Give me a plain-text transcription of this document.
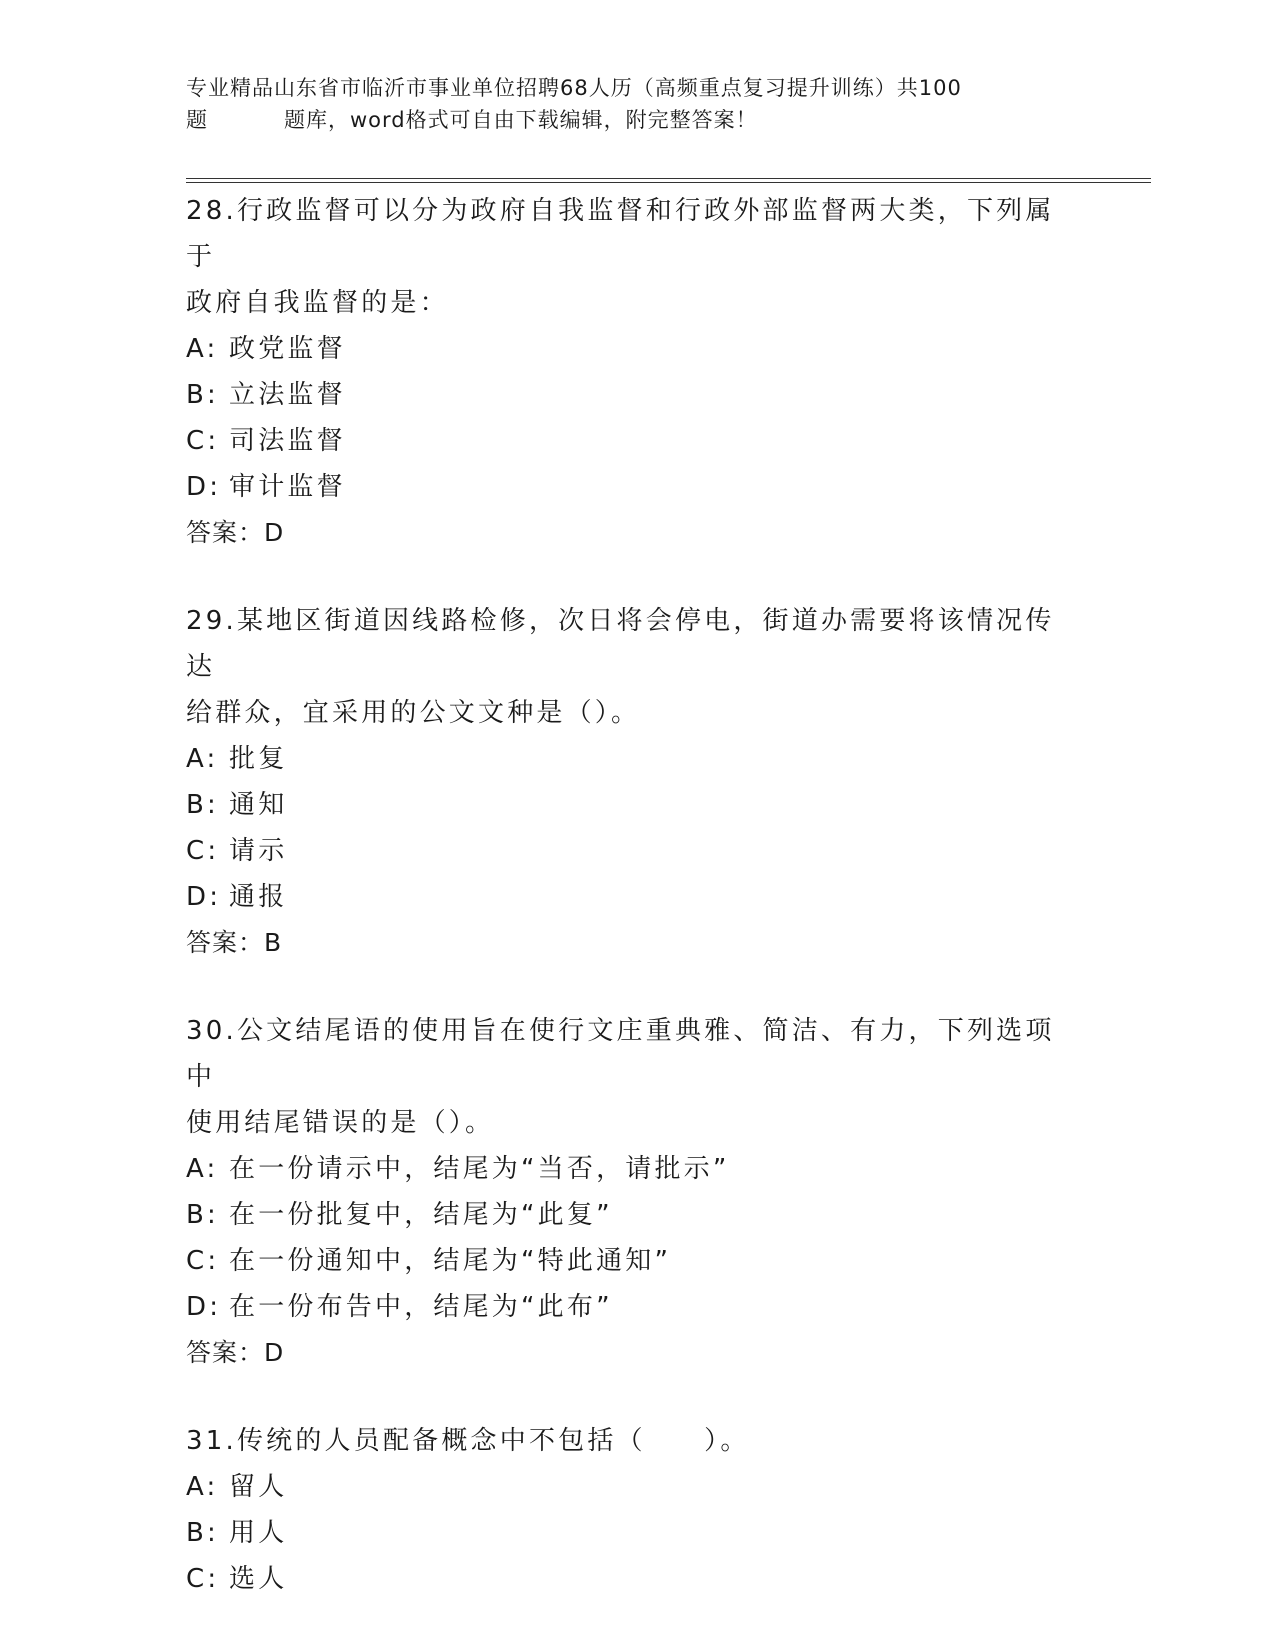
专业精品山东省市临沂市事业单位招聘68人历（高频重点复习提升训练）共100
题	题库，word格式可自由下载编辑，附完整答案！

28.行政监督可以分为政府自我监督和行政外部监督两大类，下列属于

政府自我监督的是：

A: 政党监督

B: 立法监督

C: 司法监督

D: 审计监督

答案：D

29.某地区街道因线路检修，次日将会停电，街道办需要将该情况传达

给群众，宜采用的公文文种是（）。

A: 批复

B: 通知

C: 请示

D: 通报

答案：B

30.公文结尾语的使用旨在使行文庄重典雅、简洁、有力，下列选项中

使用结尾错误的是（）。

A: 在一份请示中，结尾为“当否，请批示”

B: 在一份批复中，结尾为“此复”

C: 在一份通知中，结尾为“特此通知”

D: 在一份布告中，结尾为“此布”

答案：D

31.传统的人员配备概念中不包括（　　）。

A: 留人

B: 用人

C: 选人
